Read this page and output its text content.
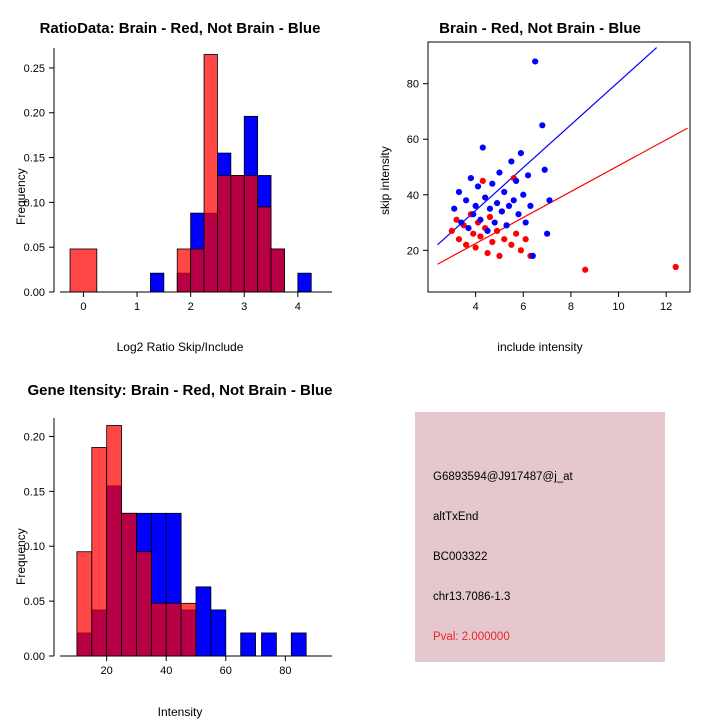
RatioData: Brain - Red, Not Brain - Blue
Frequency
Log2 Ratio Skip/Include
0	1	2	3	4
0.00
0.05
0.10
0.15
0.20
0.25
Brain - Red, Not Brain - Blue
skip intensity
include intensity
4	6	8	10	12
20
40
60
80
Gene Itensity: Brain - Red, Not Brain - Blue
Frequency
Intensity
20	40	60	80
0.00
0.05
0.10
0.15
0.20
G6893594@J917487@j_at
altTxEnd
BC003322
chr13.7086-1.3
Pval: 2.000000
